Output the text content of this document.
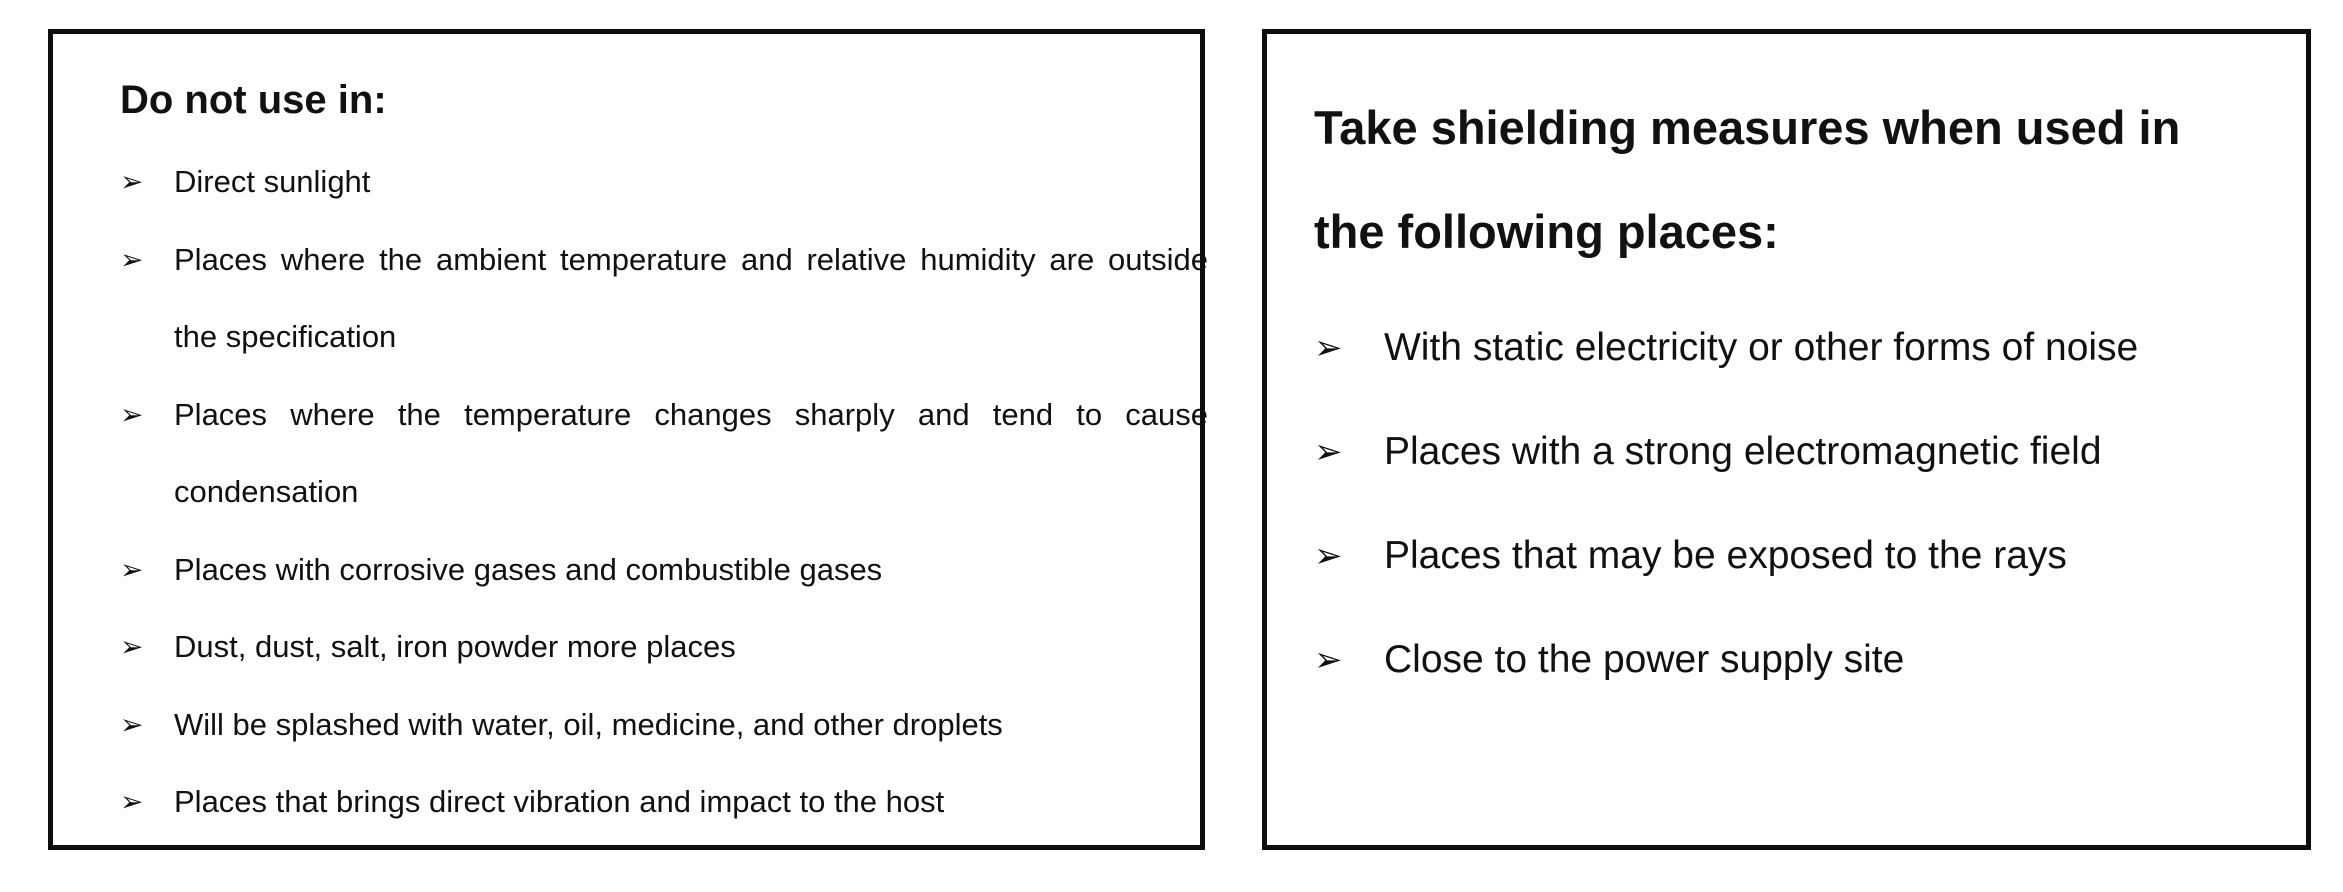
Do not use in:
➢ Direct sunlight
➢ Places where the ambient temperature and relative humidity are outside the specification
➢ Places where the temperature changes sharply and tend to cause condensation
➢ Places with corrosive gases and combustible gases
➢ Dust, dust, salt, iron powder more places
➢ Will be splashed with water, oil, medicine, and other droplets
➢ Places that brings direct vibration and impact to the host
Take shielding measures when used in the following places:
➢ With static electricity or other forms of noise
➢ Places with a strong electromagnetic field
➢ Places that may be exposed to the rays
➢ Close to the power supply site
